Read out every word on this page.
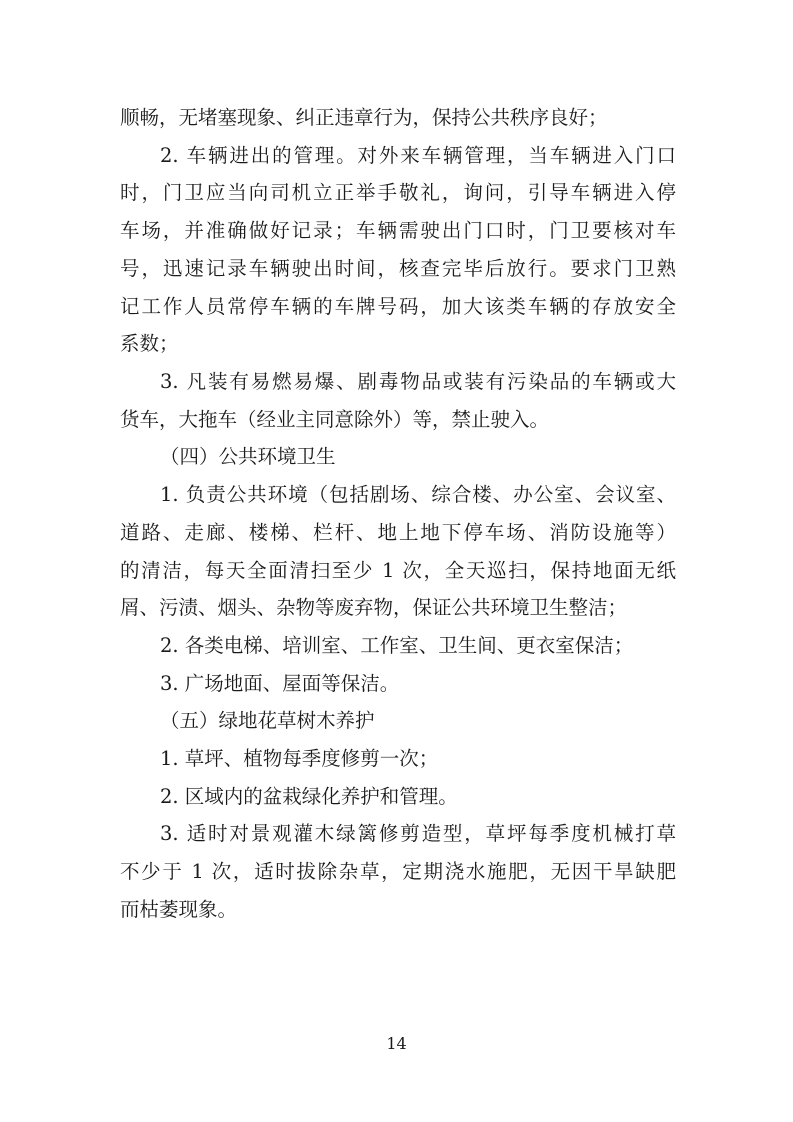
顺畅，无堵塞现象、纠正违章行为，保持公共秩序良好；
2. 车辆进出的管理。对外来车辆管理，当车辆进入门口
时，门卫应当向司机立正举手敬礼，询问，引导车辆进入停
车场，并准确做好记录；车辆需驶出门口时，门卫要核对车
号，迅速记录车辆驶出时间，核查完毕后放行。要求门卫熟
记工作人员常停车辆的车牌号码，加大该类车辆的存放安全
系数；
3. 凡装有易燃易爆、剧毒物品或装有污染品的车辆或大
货车，大拖车（经业主同意除外）等，禁止驶入。
（四）公共环境卫生
1. 负责公共环境（包括剧场、综合楼、办公室、会议室、
道路、走廊、楼梯、栏杆、地上地下停车场、消防设施等）
的清洁，每天全面清扫至少 1 次，全天巡扫，保持地面无纸
屑、污渍、烟头、杂物等废弃物，保证公共环境卫生整洁；
2. 各类电梯、培训室、工作室、卫生间、更衣室保洁；
3. 广场地面、屋面等保洁。
（五）绿地花草树木养护
1. 草坪、植物每季度修剪一次；
2. 区域内的盆栽绿化养护和管理。
3. 适时对景观灌木绿篱修剪造型，草坪每季度机械打草
不少于 1 次，适时拔除杂草，定期浇水施肥，无因干旱缺肥
而枯萎现象。
14
